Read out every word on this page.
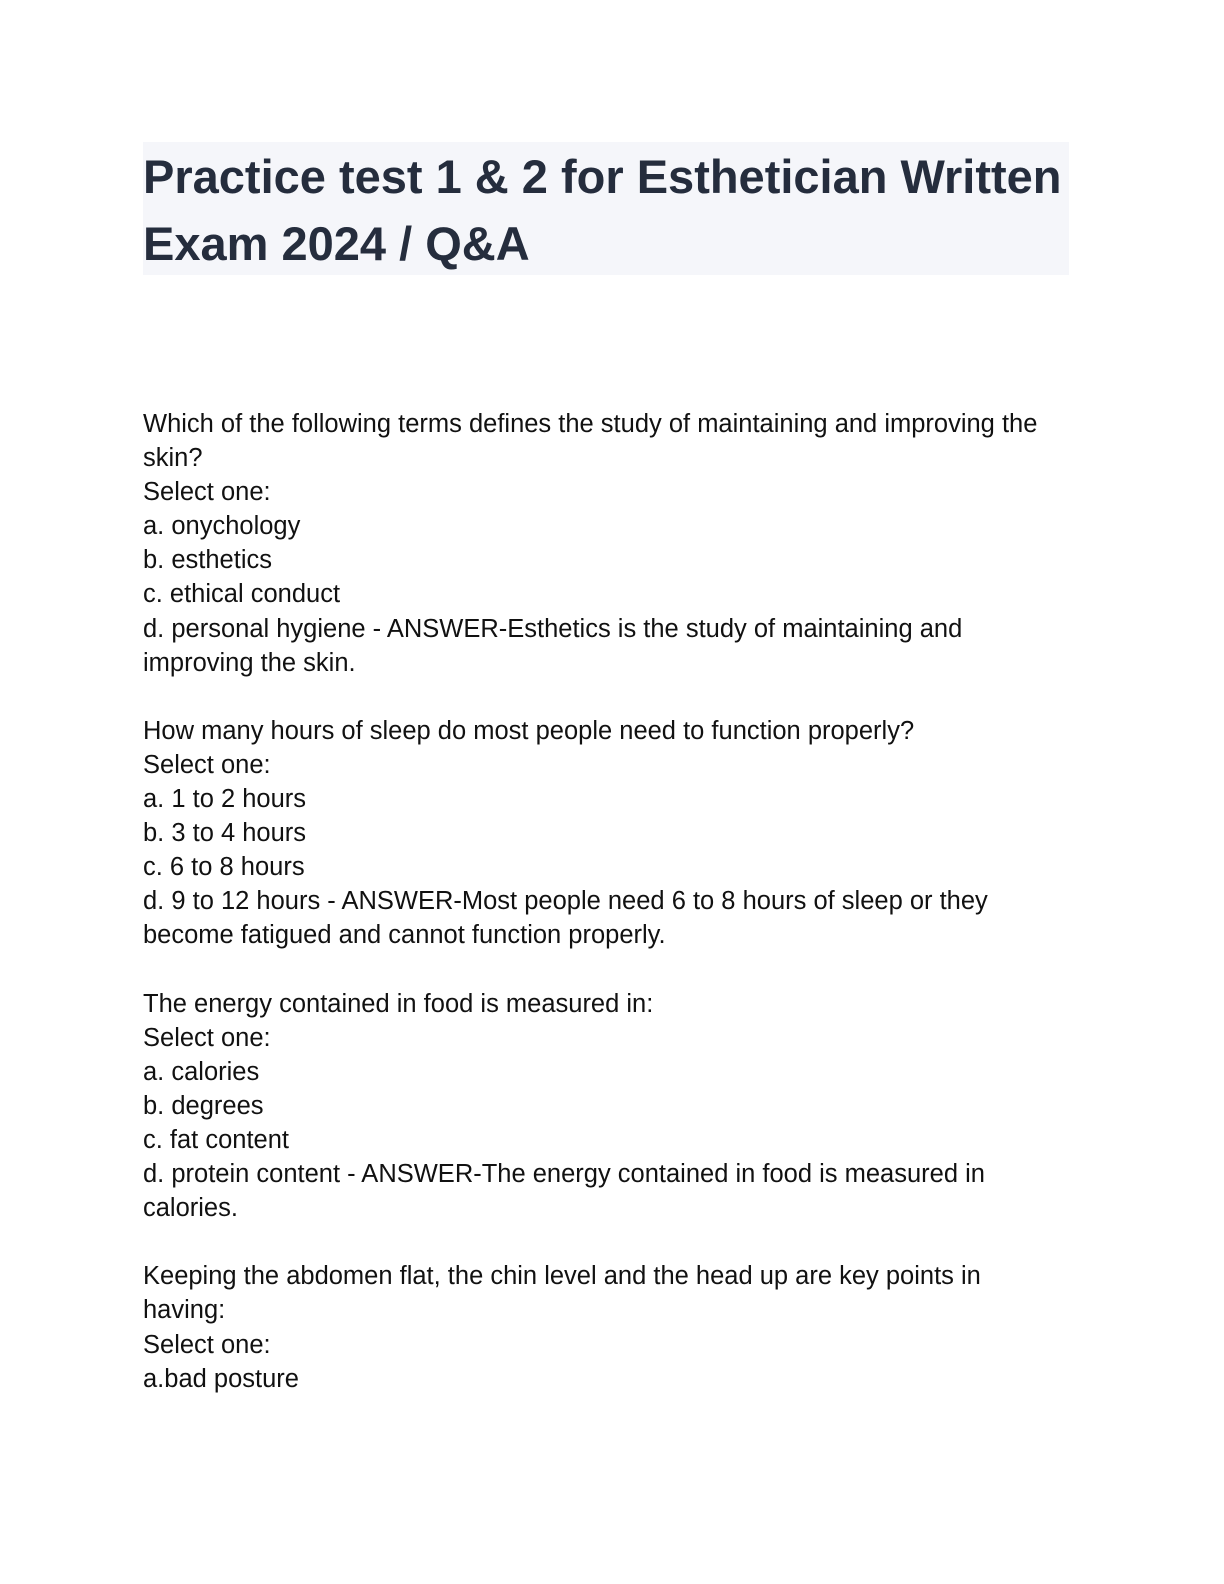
Practice test 1 & 2 for Esthetician Written Exam 2024 / Q&A
Which of the following terms defines the study of maintaining and improving the skin?
Select one:
a. onychology
b. esthetics
c. ethical conduct
d. personal hygiene - ANSWER-Esthetics is the study of maintaining and improving the skin.
How many hours of sleep do most people need to function properly?
Select one:
a. 1 to 2 hours
b. 3 to 4 hours
c. 6 to 8 hours
d. 9 to 12 hours - ANSWER-Most people need 6 to 8 hours of sleep or they become fatigued and cannot function properly.
The energy contained in food is measured in:
Select one:
a. calories
b. degrees
c. fat content
d. protein content - ANSWER-The energy contained in food is measured in calories.
Keeping the abdomen flat, the chin level and the head up are key points in having:
Select one:
a.bad posture
